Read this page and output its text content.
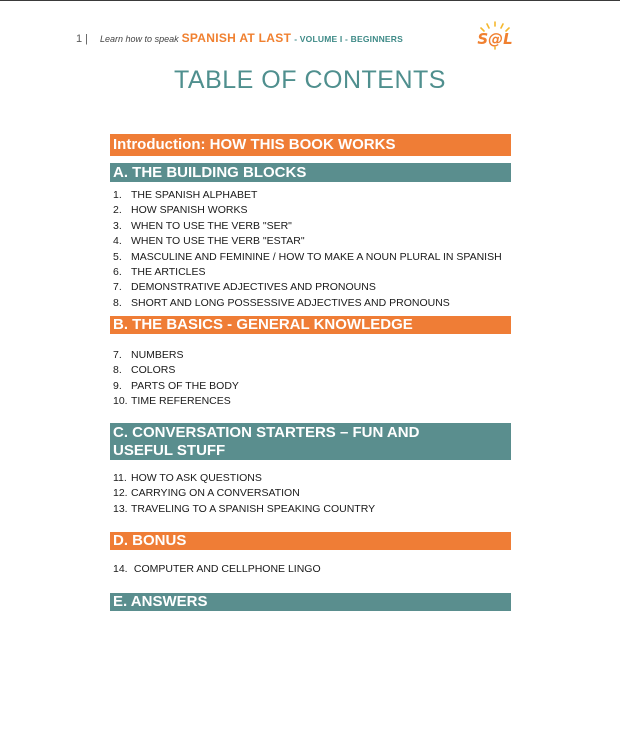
1 | Learn how to speak SPANISH AT LAST - VOLUME I - BEGINNERS	S@L
TABLE OF CONTENTS
Introduction: HOW THIS BOOK WORKS
A. THE BUILDING BLOCKS
1. THE SPANISH ALPHABET
2. HOW SPANISH WORKS
3. WHEN TO USE THE VERB "SER"
4. WHEN TO USE THE VERB "ESTAR"
5. MASCULINE AND FEMININE / HOW TO MAKE A NOUN PLURAL IN SPANISH
6. THE ARTICLES
7. DEMONSTRATIVE ADJECTIVES AND PRONOUNS
8. SHORT AND LONG POSSESSIVE ADJECTIVES AND PRONOUNS
B. THE BASICS - GENERAL KNOWLEDGE
7. NUMBERS
8. COLORS
9. PARTS OF THE BODY
10. TIME REFERENCES
C. CONVERSATION STARTERS – FUN AND
USEFUL STUFF
11. HOW TO ASK QUESTIONS
12. CARRYING ON A CONVERSATION
13. TRAVELING TO A SPANISH SPEAKING COUNTRY
D. BONUS
14. COMPUTER AND CELLPHONE LINGO
E. ANSWERS
